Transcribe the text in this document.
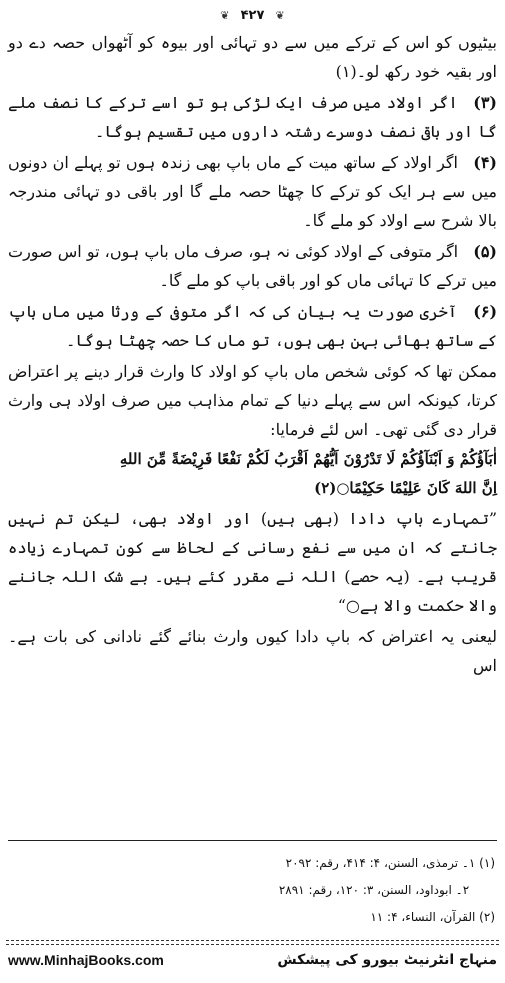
❦ ۴۲۷ ❦

بیٹیوں کو اس کے ترکے میں سے دو تہائی اور بیوہ کو آٹھواں حصہ دے دو اور بقیہ خود رکھ لو۔(۱)

(۳) اگر اولاد میں صرف ایک لڑکی ہو تو اسے ترکے کا نصف ملے گا اور باقی نصف دوسرے رشتہ داروں میں تقسیم ہوگا۔

(۴) اگر اولاد کے ساتھ میت کے ماں باپ بھی زندہ ہوں تو پہلے ان دونوں میں سے ہر ایک کو ترکے کا چھٹا حصہ ملے گا اور باقی دو تہائی مندرجہ بالا شرح سے اولاد کو ملے گا۔

(۵) اگر متوفی کے اولاد کوئی نہ ہو، صرف ماں باپ ہوں، تو اس صورت میں ترکے کا تہائی ماں کو اور باقی باپ کو ملے گا۔

(۶) آخری صورت یہ بیان کی کہ اگر متوفی کے ورثا میں ماں باپ کے ساتھ بھائی بہن بھی ہوں، تو ماں کا حصہ چھٹا ہوگا۔

ممکن تھا کہ کوئی شخص ماں باپ کو اولاد کا وارث قرار دینے پر اعتراض کرتا، کیونکہ اس سے پہلے دنیا کے تمام مذاہب میں صرف اولاد ہی وارث قرار دی گئی تھی۔ اس لئے فرمایا:

اٰبَآؤُکُمْ وَ اَبْنَآؤُکُمْ لَا تَدْرُوْنَ اَیُّهُمْ اَقْرَبُ لَکُمْ نَفْعًا فَرِیْضَةً مِّنَ اللهِ

اِنَّ اللهَ کَانَ عَلِیْمًا حَکِیْمًا○(۲)

”تمہارے باپ دادا (بھی ہیں) اور اولاد بھی، لیکن تم نہیں جانتے کہ ان میں سے نفع رسانی کے لحاظ سے کون تمہارے زیادہ قریب ہے۔ (یہ حصے) اللہ نے مقرر کئے ہیں۔ بے شک اللہ جاننے والا حکمت والا ہے○“

لیعنی یہ اعتراض کہ باپ دادا کیوں وارث بنائے گئے نادانی کی بات ہے۔ اس

(۱) ۱۔ ترمذی، السنن، ۴: ۴۱۴، رقم: ۲۰۹۲

۲۔ ابوداود، السنن، ۳: ۱۲۰، رقم: ۲۸۹۱

(۲) القرآن، النساء، ۴: ۱۱

www.MinhajBooks.com	منہاج انٹرنیٹ بیورو کی پیشکش
